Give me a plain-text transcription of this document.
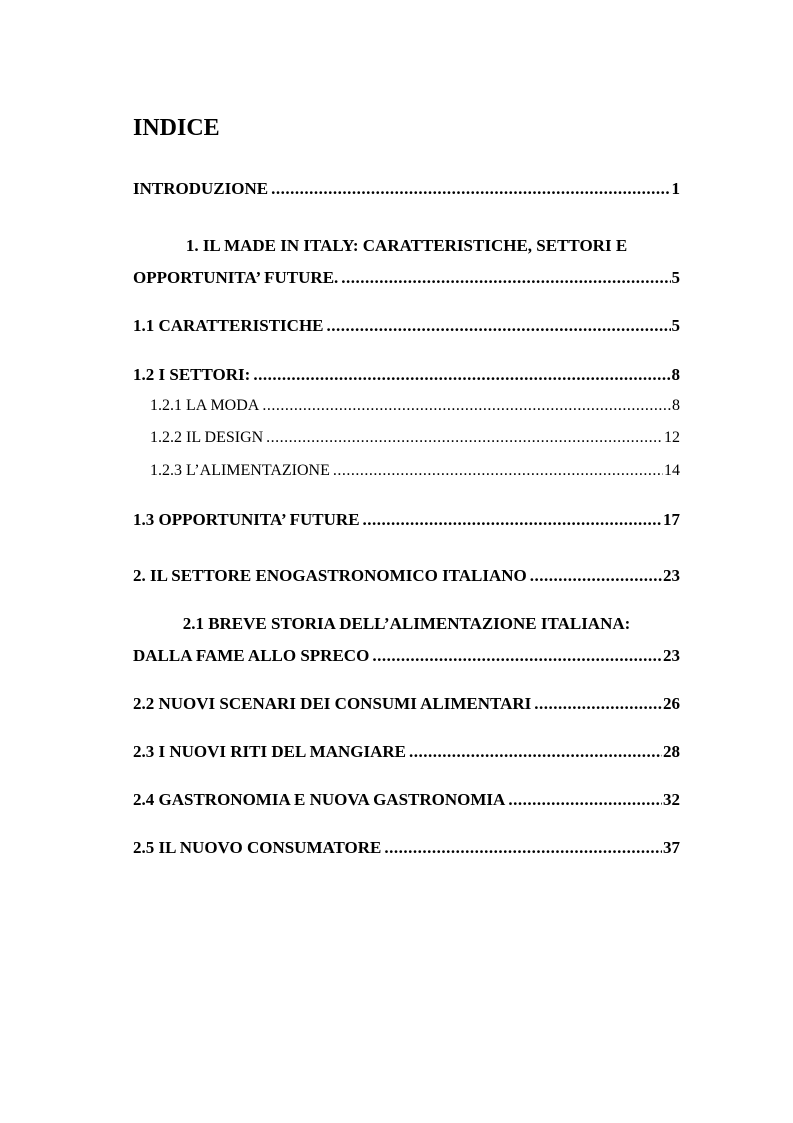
INDICE
INTRODUZIONE .....	1
1. IL MADE IN ITALY: CARATTERISTICHE, SETTORI E
OPPORTUNITA’ FUTURE. .....	5
1.1 CARATTERISTICHE .....	5
1.2 I SETTORI: .....	8
1.2.1 LA MODA .....	8
1.2.2 IL DESIGN .....	12
1.2.3 L’ALIMENTAZIONE .....	14
1.3 OPPORTUNITA’ FUTURE .....	17
2. IL SETTORE ENOGASTRONOMICO ITALIANO .....	23
2.1 BREVE STORIA DELL’ALIMENTAZIONE ITALIANA:
DALLA FAME ALLO SPRECO .....	23
2.2 NUOVI SCENARI DEI CONSUMI ALIMENTARI .....	26
2.3 I NUOVI RITI DEL MANGIARE .....	28
2.4 GASTRONOMIA E NUOVA GASTRONOMIA .....	32
2.5 IL NUOVO CONSUMATORE .....	37
